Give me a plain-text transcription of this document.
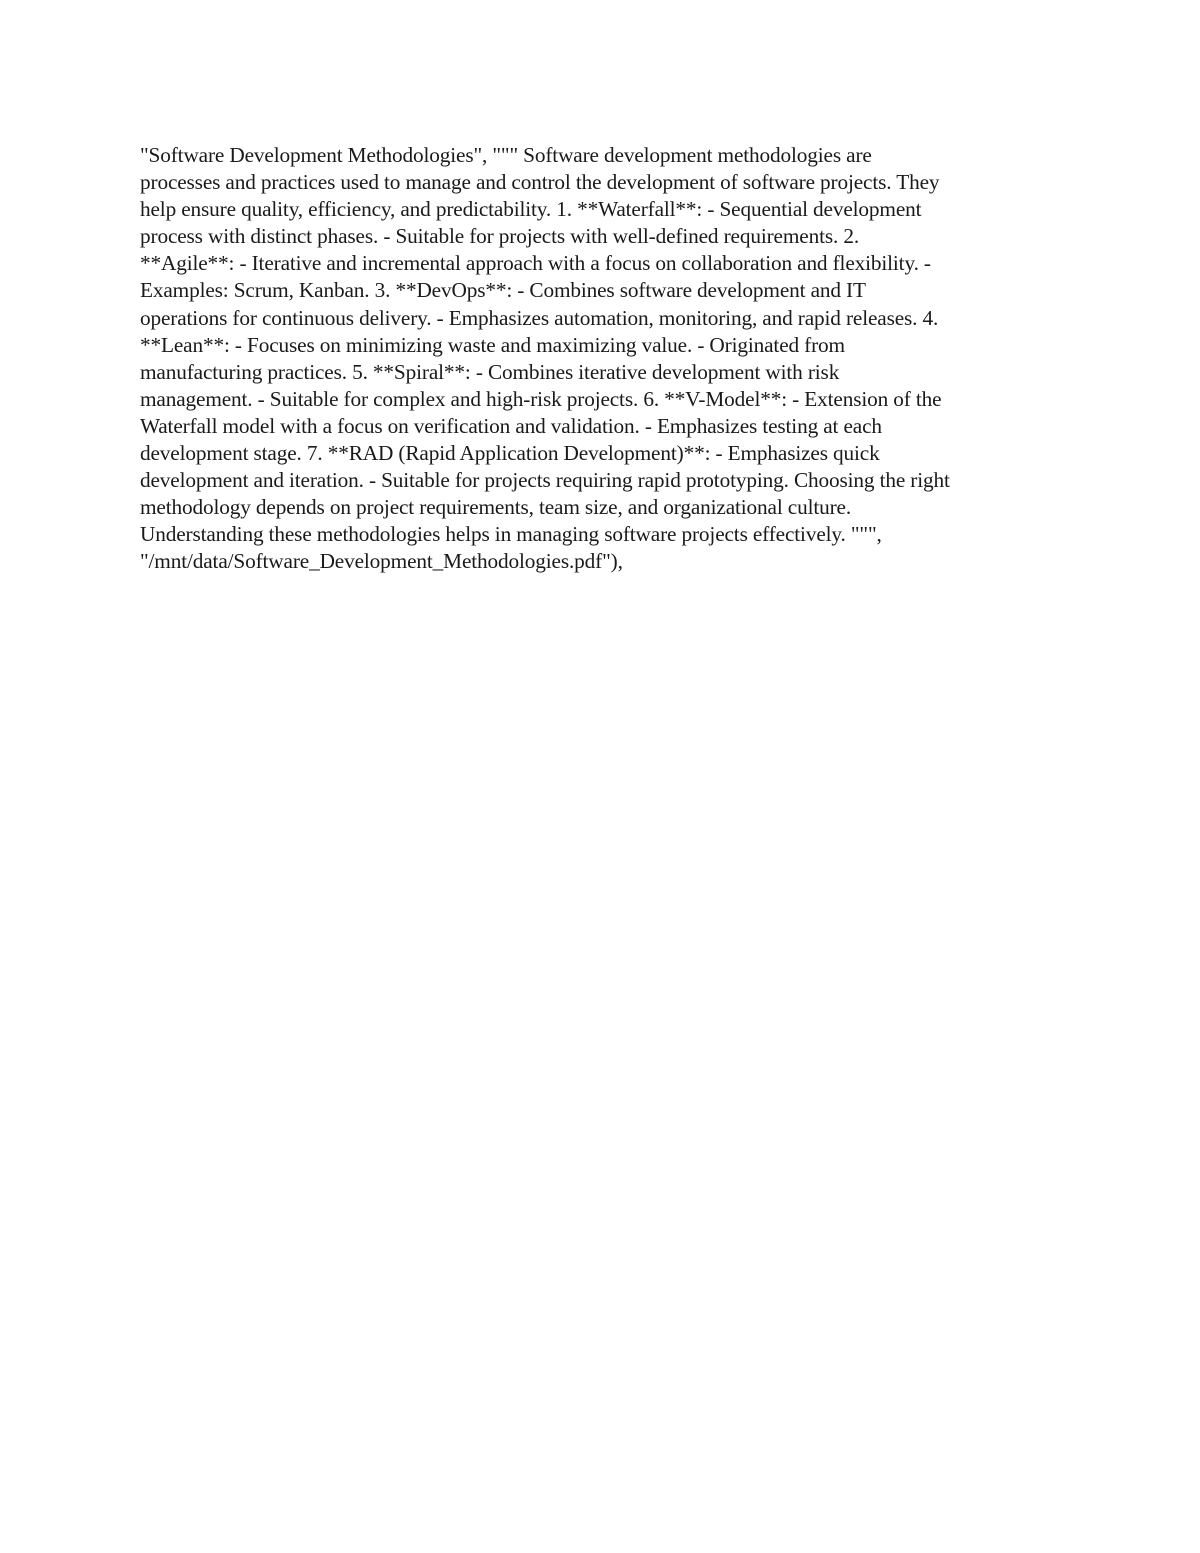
"Software Development Methodologies", """ Software development methodologies are
processes and practices used to manage and control the development of software projects. They
help ensure quality, efficiency, and predictability. 1. **Waterfall**: - Sequential development
process with distinct phases. - Suitable for projects with well-defined requirements. 2.
**Agile**: - Iterative and incremental approach with a focus on collaboration and flexibility. -
Examples: Scrum, Kanban. 3. **DevOps**: - Combines software development and IT
operations for continuous delivery. - Emphasizes automation, monitoring, and rapid releases. 4.
**Lean**: - Focuses on minimizing waste and maximizing value. - Originated from
manufacturing practices. 5. **Spiral**: - Combines iterative development with risk
management. - Suitable for complex and high-risk projects. 6. **V-Model**: - Extension of the
Waterfall model with a focus on verification and validation. - Emphasizes testing at each
development stage. 7. **RAD (Rapid Application Development)**: - Emphasizes quick
development and iteration. - Suitable for projects requiring rapid prototyping. Choosing the right
methodology depends on project requirements, team size, and organizational culture.
Understanding these methodologies helps in managing software projects effectively. """,
"/mnt/data/Software_Development_Methodologies.pdf"),
